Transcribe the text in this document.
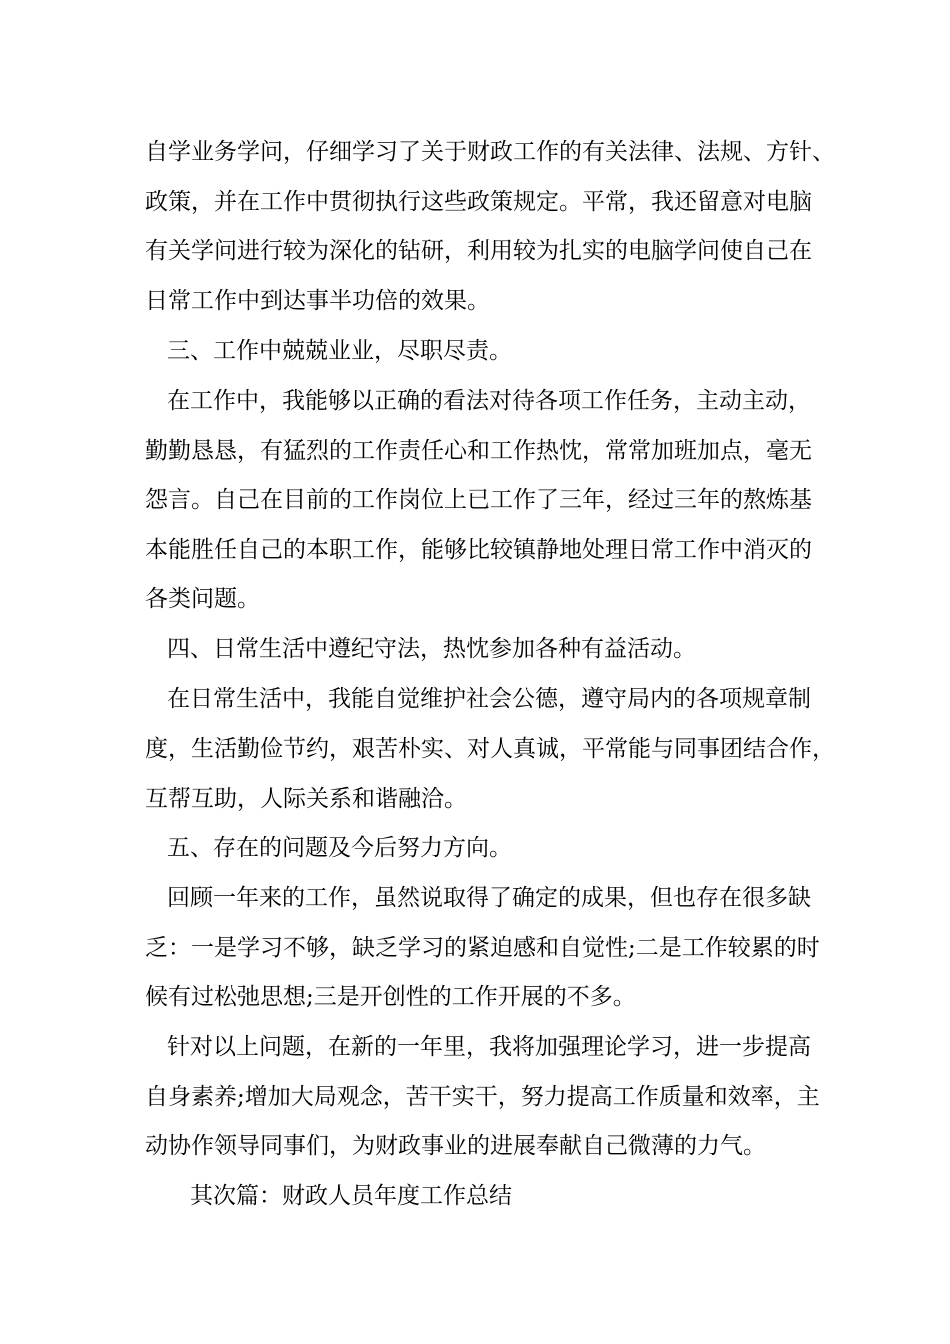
自学业务学问，仔细学习了关于财政工作的有关法律、法规、方针、
政策，并在工作中贯彻执行这些政策规定。平常，我还留意对电脑
有关学问进行较为深化的钻研，利用较为扎实的电脑学问使自己在
日常工作中到达事半功倍的效果。
三、工作中兢兢业业，尽职尽责。
在工作中，我能够以正确的看法对待各项工作任务，主动主动，
勤勤恳恳，有猛烈的工作责任心和工作热忱，常常加班加点，毫无
怨言。自己在目前的工作岗位上已工作了三年，经过三年的熬炼基
本能胜任自己的本职工作，能够比较镇静地处理日常工作中消灭的
各类问题。
四、日常生活中遵纪守法，热忱参加各种有益活动。
在日常生活中，我能自觉维护社会公德，遵守局内的各项规章制
度，生活勤俭节约，艰苦朴实、对人真诚，平常能与同事团结合作，
互帮互助，人际关系和谐融洽。
五、存在的问题及今后努力方向。
回顾一年来的工作，虽然说取得了确定的成果，但也存在很多缺
乏：一是学习不够，缺乏学习的紧迫感和自觉性;二是工作较累的时
候有过松弛思想;三是开创性的工作开展的不多。
针对以上问题，在新的一年里，我将加强理论学习，进一步提高
自身素养;增加大局观念，苦干实干，努力提高工作质量和效率，主
动协作领导同事们，为财政事业的进展奉献自己微薄的力气。
其次篇：财政人员年度工作总结
